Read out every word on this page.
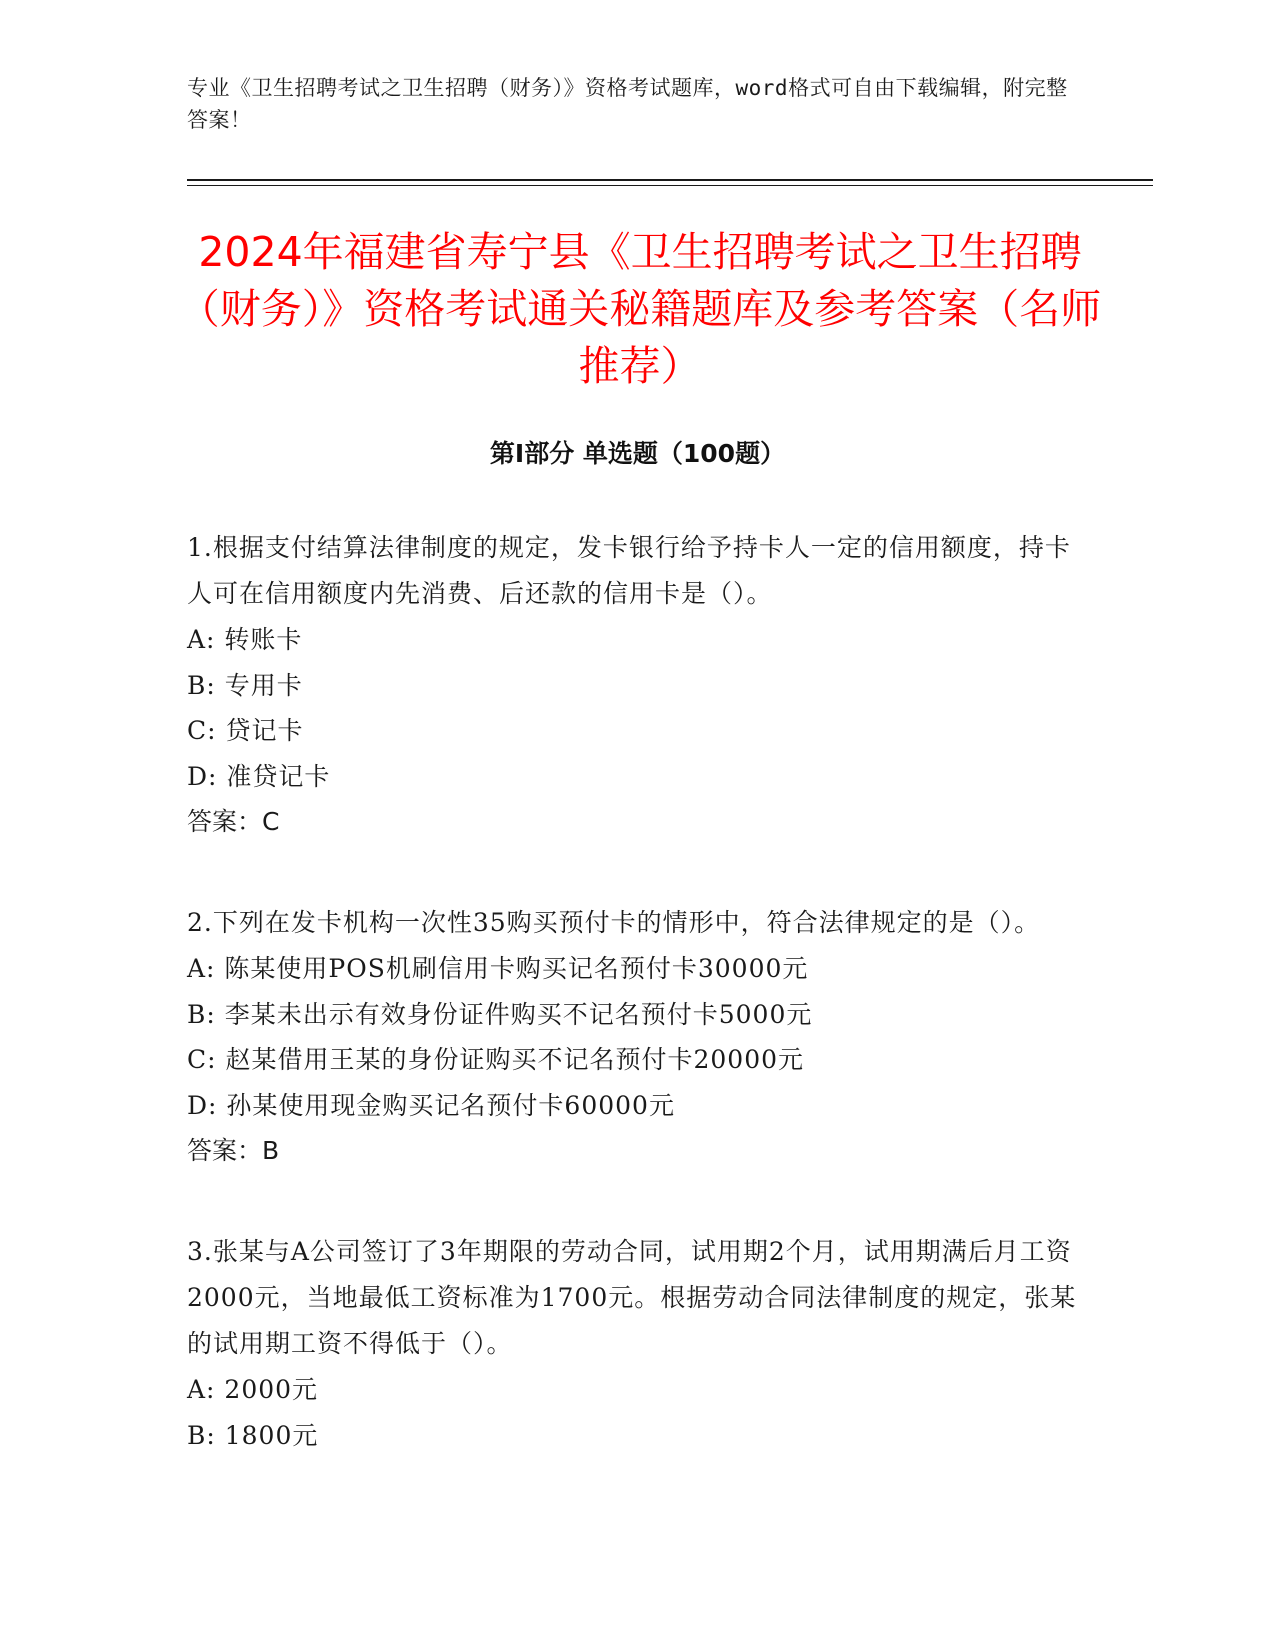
专业《卫生招聘考试之卫生招聘（财务）》资格考试题库，word格式可自由下载编辑，附完整答案！
2024年福建省寿宁县《卫生招聘考试之卫生招聘（财务）》资格考试通关秘籍题库及参考答案（名师推荐）
第I部分 单选题（100题）

1.根据支付结算法律制度的规定，发卡银行给予持卡人一定的信用额度，持卡人可在信用额度内先消费、后还款的信用卡是（）。

A: 转账卡

B: 专用卡

C: 贷记卡

D: 准贷记卡

答案：C

2.下列在发卡机构一次性35购买预付卡的情形中，符合法律规定的是（）。

A: 陈某使用POS机刷信用卡购买记名预付卡30000元

B: 李某未出示有效身份证件购买不记名预付卡5000元

C: 赵某借用王某的身份证购买不记名预付卡20000元

D: 孙某使用现金购买记名预付卡60000元

答案：B

3.张某与A公司签订了3年期限的劳动合同，试用期2个月，试用期满后月工资2000元，当地最低工资标准为1700元。根据劳动合同法律制度的规定，张某的试用期工资不得低于（）。

A: 2000元

B: 1800元
